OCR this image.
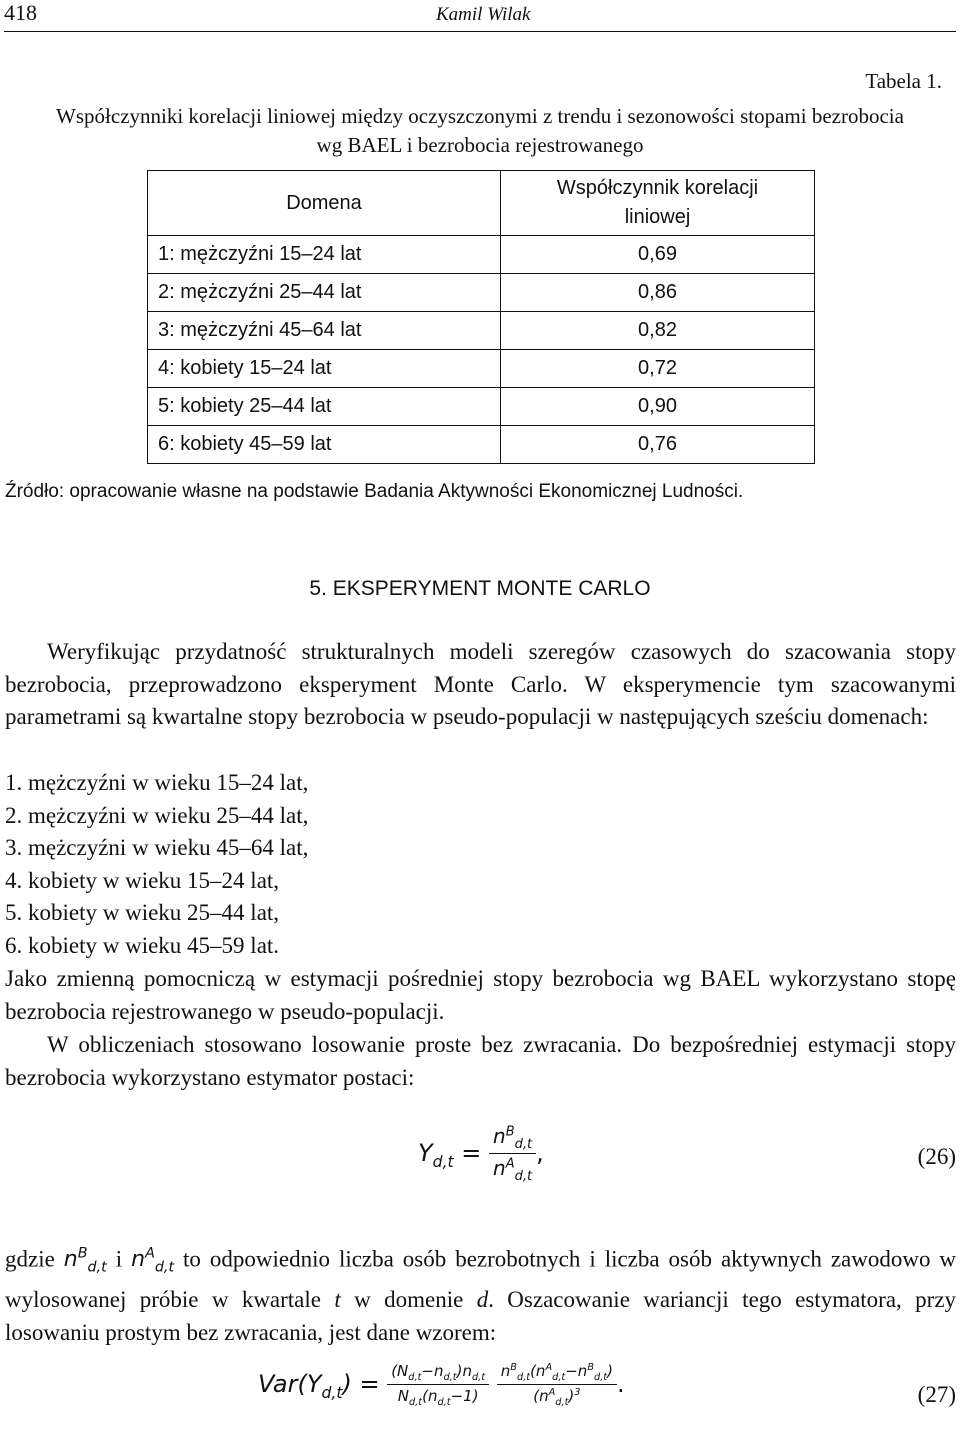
418	Kamil Wilak
Tabela 1.
Współczynniki korelacji liniowej między oczyszczonymi z trendu i sezonowości stopami bezrobocia
wg BAEL i bezrobocia rejestrowanego
Domena	Współczynnik korelacji
liniowej
1: mężczyźni 15–24 lat	0,69
2: mężczyźni 25–44 lat	0,86
3: mężczyźni 45–64 lat	0,82
4: kobiety 15–24 lat	0,72
5: kobiety 25–44 lat	0,90
6: kobiety 45–59 lat	0,76
Źródło: opracowanie własne na podstawie Badania Aktywności Ekonomicznej Ludności.
5. EKSPERYMENT MONTE CARLO
Weryfikując przydatność strukturalnych modeli szeregów czasowych do szacowania stopy bezrobocia, przeprowadzono eksperyment Monte Carlo. W eksperymencie tym szacowanymi parametrami są kwartalne stopy bezrobocia w pseudo-populacji w następujących sześciu domenach:
1. mężczyźni w wieku 15–24 lat,
2. mężczyźni w wieku 25–44 lat,
3. mężczyźni w wieku 45–64 lat,
4. kobiety w wieku 15–24 lat,
5. kobiety w wieku 25–44 lat,
6. kobiety w wieku 45–59 lat.
Jako zmienną pomocniczą w estymacji pośredniej stopy bezrobocia wg BAEL wykorzystano stopę bezrobocia rejestrowanego w pseudo-populacji.
W obliczeniach stosowano losowanie proste bez zwracania. Do bezpośredniej estymacji stopy bezrobocia wykorzystano estymator postaci:
$Y_{d,t} = \frac{n^B_{d,t}}{n^A_{d,t}}$ ,	(26)
gdzie $n^B_{d,t}$ i $n^A_{d,t}$ to odpowiednio liczba osób bezrobotnych i liczba osób aktywnych zawodowo w wylosowanej próbie w kwartale t w domenie d. Oszacowanie wariancji tego estymatora, przy losowaniu prostym bez zwracania, jest dane wzorem:
$Var(Y_{d,t}) = \frac{(N_{d,t}-n_{d,t})n_{d,t}}{N_{d,t}(n_{d,t}-1)}$
$\frac{n^B_{d,t}(n^A_{d,t}-n^B_{d,t})}{(n^A_{d,t})^3}$ .	(27)
